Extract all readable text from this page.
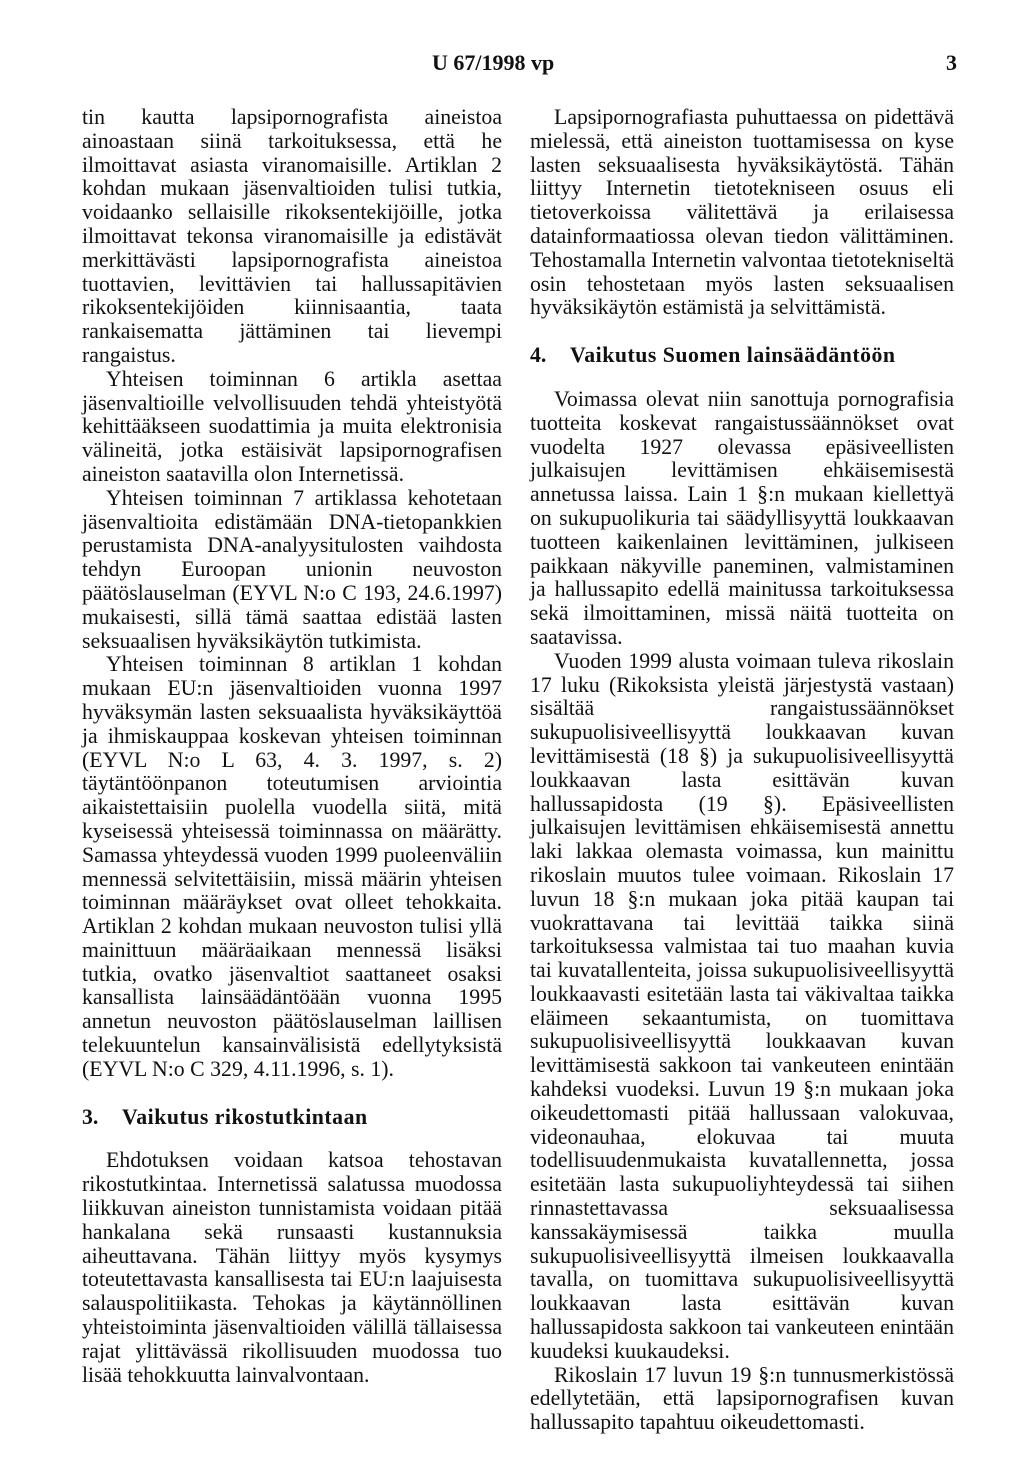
U 67/1998 vp	3

tin kautta lapsipornografista aineistoa ainoastaan siinä tarkoituksessa, että he ilmoittavat asiasta viranomaisille. Artiklan 2 kohdan mukaan jäsenvaltioiden tulisi tutkia, voidaanko sellaisille rikoksentekijöille, jotka ilmoittavat tekonsa viranomaisille ja edistävät merkittävästi lapsipornografista aineistoa tuottavien, levittävien tai hallussapitävien rikoksentekijöiden kiinnisaantia, taata rankaisematta jättäminen tai lievempi rangaistus.

Yhteisen toiminnan 6 artikla asettaa jäsenvaltioille velvollisuuden tehdä yhteistyötä kehittääkseen suodattimia ja muita elektronisia välineitä, jotka estäisivät lapsipornografisen aineiston saatavilla olon Internetissä.

Yhteisen toiminnan 7 artiklassa kehotetaan jäsenvaltioita edistämään DNA-tietopankkien perustamista DNA-analyysitulosten vaihdosta tehdyn Euroopan unionin neuvoston päätöslauselman (EYVL N:o C 193, 24.6.1997) mukaisesti, sillä tämä saattaa edistää lasten seksuaalisen hyväksikäytön tutkimista.

Yhteisen toiminnan 8 artiklan 1 kohdan mukaan EU:n jäsenvaltioiden vuonna 1997 hyväksymän lasten seksuaalista hyväksikäyttöä ja ihmiskauppaa koskevan yhteisen toiminnan (EYVL N:o L 63, 4. 3. 1997, s. 2) täytäntöönpanon toteutumisen arviointia aikaistettaisiin puolella vuodella siitä, mitä kyseisessä yhteisessä toiminnassa on määrätty. Samassa yhteydessä vuoden 1999 puoleenväliin mennessä selvitettäisiin, missä määrin yhteisen toiminnan määräykset ovat olleet tehokkaita. Artiklan 2 kohdan mukaan neuvoston tulisi yllä mainittuun määräaikaan mennessä lisäksi tutkia, ovatko jäsenvaltiot saattaneet osaksi kansallista lainsäädäntöään vuonna 1995 annetun neuvoston päätöslauselman laillisen telekuuntelun kansainvälisistä edellytyksistä (EYVL N:o C 329, 4.11.1996, s. 1).

3. Vaikutus rikostutkintaan

Ehdotuksen voidaan katsoa tehostavan rikostutkintaa. Internetissä salatussa muodossa liikkuvan aineiston tunnistamista voidaan pitää hankalana sekä runsaasti kustannuksia aiheuttavana. Tähän liittyy myös kysymys toteutettavasta kansallisesta tai EU:n laajuisesta salauspolitiikasta. Tehokas ja käytännöllinen yhteistoiminta jäsenvaltioiden välillä tällaisessa rajat ylittävässä rikollisuuden muodossa tuo lisää tehokkuutta lainvalvontaan.

Lapsipornografiasta puhuttaessa on pidettävä mielessä, että aineiston tuottamisessa on kyse lasten seksuaalisesta hyväksikäytöstä. Tähän liittyy Internetin tietotekniseen osuus eli tietoverkoissa välitettävä ja erilaisessa datainformaatiossa olevan tiedon välittäminen. Tehostamalla Internetin valvontaa tietotekniseltä osin tehostetaan myös lasten seksuaalisen hyväksikäytön estämistä ja selvittämistä.

4. Vaikutus Suomen lainsäädäntöön

Voimassa olevat niin sanottuja pornografisia tuotteita koskevat rangaistussäännökset ovat vuodelta 1927 olevassa epäsiveellisten julkaisujen levittämisen ehkäisemisestä annetussa laissa. Lain 1 §:n mukaan kiellettyä on sukupuolikuria tai säädyllisyyttä loukkaavan tuotteen kaikenlainen levittäminen, julkiseen paikkaan näkyville paneminen, valmistaminen ja hallussapito edellä mainitussa tarkoituksessa sekä ilmoittaminen, missä näitä tuotteita on saatavissa.

Vuoden 1999 alusta voimaan tuleva rikoslain 17 luku (Rikoksista yleistä järjestystä vastaan) sisältää rangaistussäännökset sukupuolisiveellisyyttä loukkaavan kuvan levittämisestä (18 §) ja sukupuolisiveellisyyttä loukkaavan lasta esittävän kuvan hallussapidosta (19 §). Epäsiveellisten julkaisujen levittämisen ehkäisemisestä annettu laki lakkaa olemasta voimassa, kun mainittu rikoslain muutos tulee voimaan. Rikoslain 17 luvun 18 §:n mukaan joka pitää kaupan tai vuokrattavana tai levittää taikka siinä tarkoituksessa valmistaa tai tuo maahan kuvia tai kuvatallenteita, joissa sukupuolisiveellisyyttä loukkaavasti esitetään lasta tai väkivaltaa taikka eläimeen sekaantumista, on tuomittava sukupuolisiveellisyyttä loukkaavan kuvan levittämisestä sakkoon tai vankeuteen enintään kahdeksi vuodeksi. Luvun 19 §:n mukaan joka oikeudettomasti pitää hallussaan valokuvaa, videonauhaa, elokuvaa tai muuta todellisuudenmukaista kuvatallennetta, jossa esitetään lasta sukupuoliyhteydessä tai siihen rinnastettavassa seksuaalisessa kanssakäymisessä taikka muulla sukupuolisiveellisyyttä ilmeisen loukkaavalla tavalla, on tuomittava sukupuolisiveellisyyttä loukkaavan lasta esittävän kuvan hallussapidosta sakkoon tai vankeuteen enintään kuudeksi kuukaudeksi.

Rikoslain 17 luvun 19 §:n tunnusmerkistössä edellytetään, että lapsipornografisen kuvan hallussapito tapahtuu oikeudettomasti.
